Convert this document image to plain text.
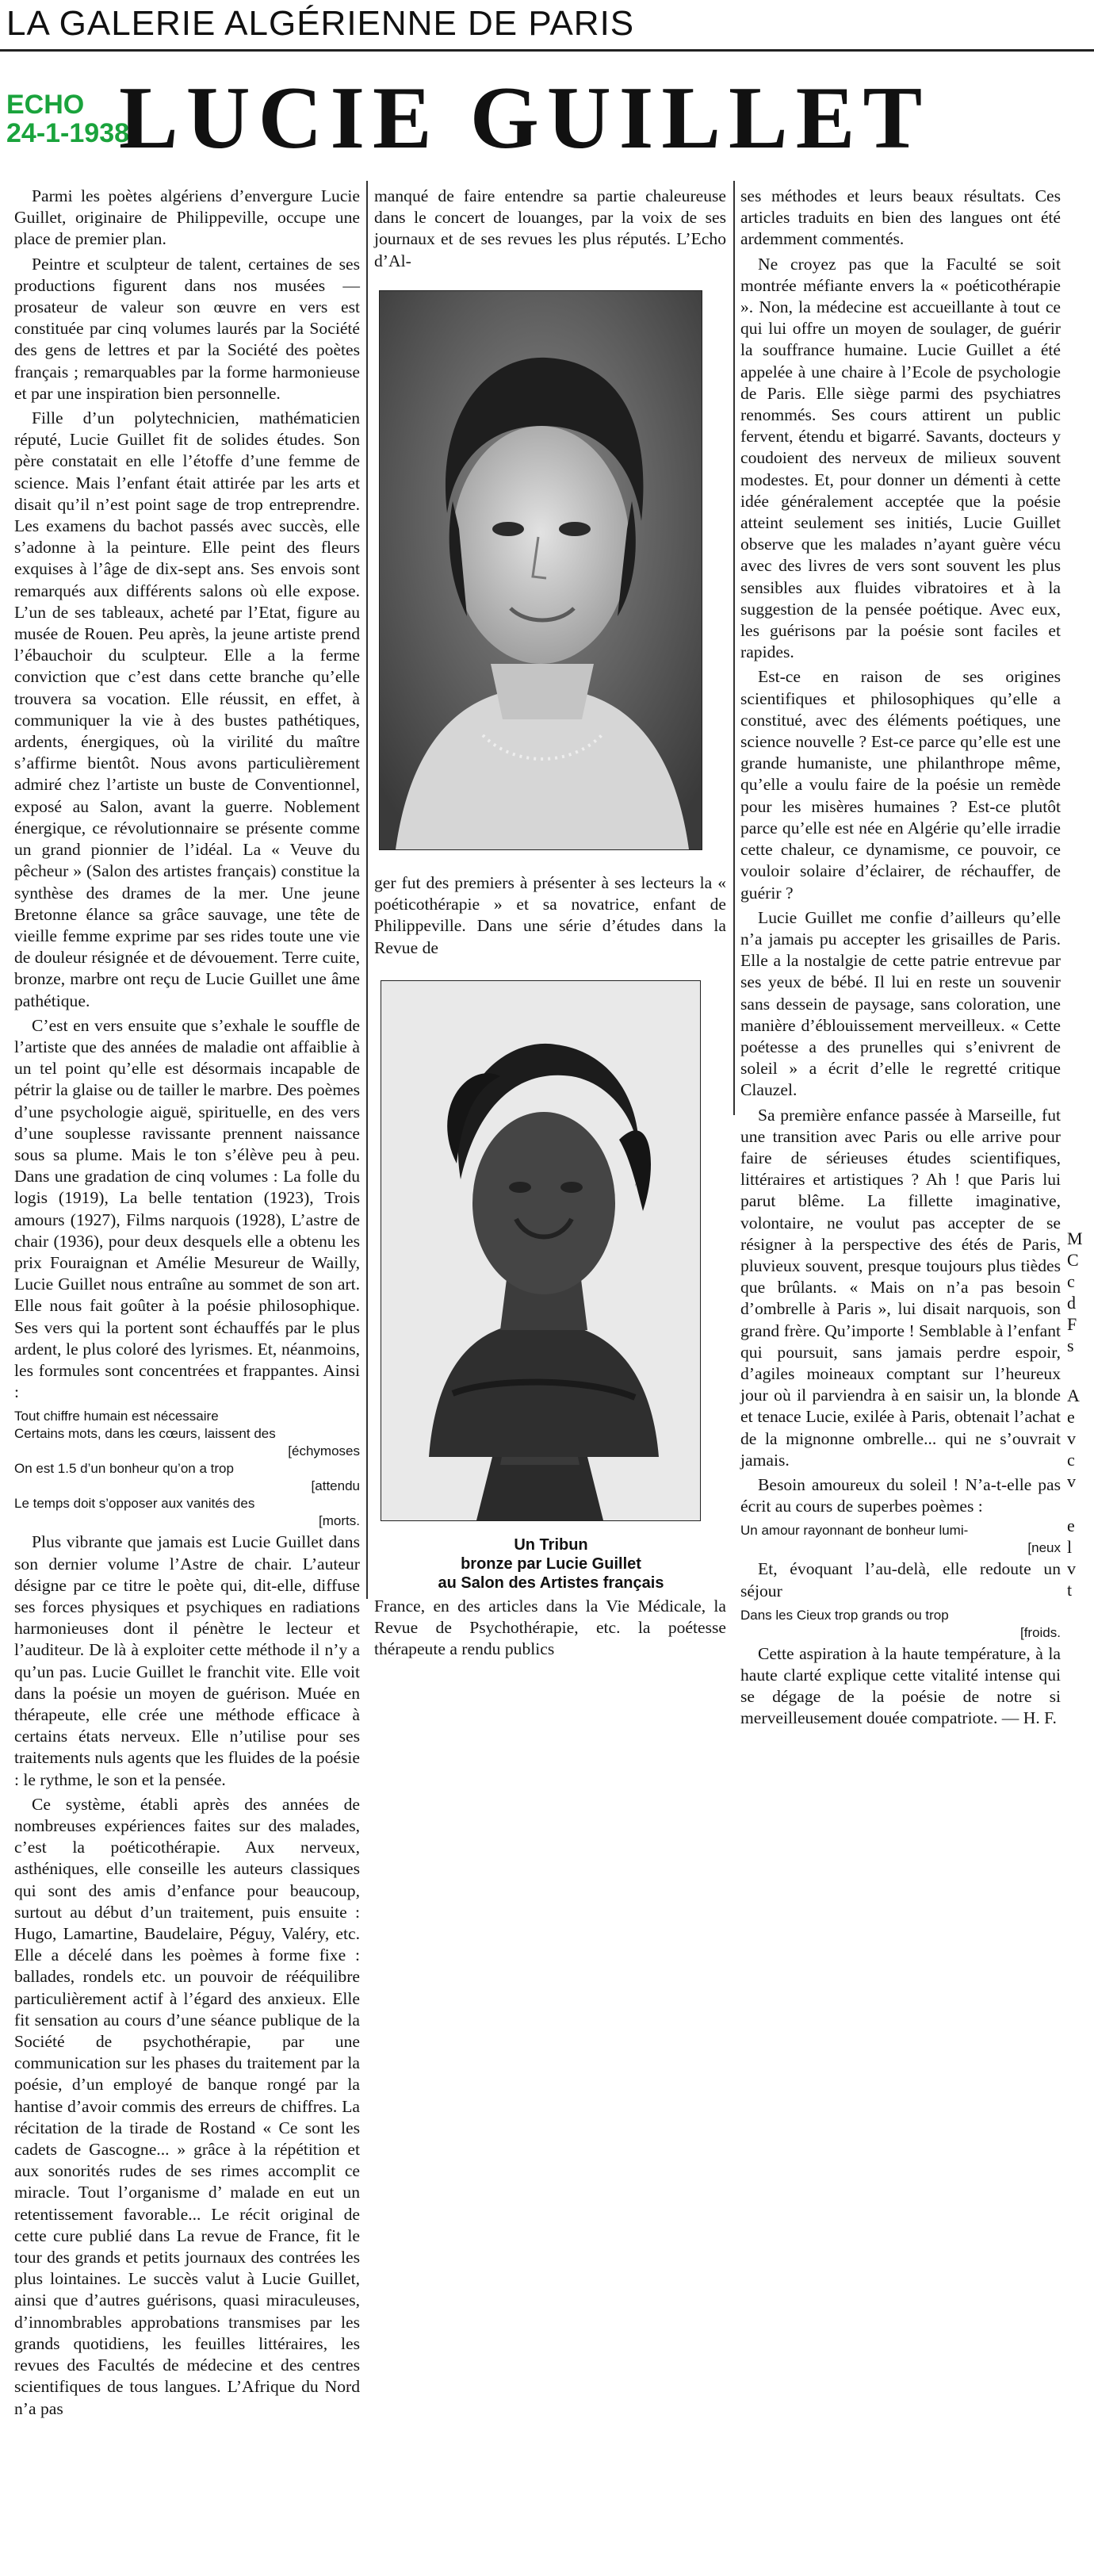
LA GALERIE ALGÉRIENNE DE PARIS
ECHO
24-1-1938
LUCIE GUILLET

Parmi les poètes algériens d’envergure Lucie Guillet, originaire de Philippeville, occupe une place de premier plan.

Peintre et sculpteur de talent, certaines de ses productions figurent dans nos musées — prosateur de valeur son œuvre en vers est constituée par cinq volumes laurés par la Société des gens de lettres et par la Société des poètes français ; remarquables par la forme harmonieuse et par une inspiration bien personnelle.

Fille d’un polytechnicien, mathématicien réputé, Lucie Guillet fit de solides études. Son père constatait en elle l’étoffe d’une femme de science. Mais l’enfant était attirée par les arts et disait qu’il n’est point sage de trop entreprendre. Les examens du bachot passés avec succès, elle s’adonne à la peinture. Elle peint des fleurs exquises à l’âge de dix-sept ans. Ses envois sont remarqués aux différents salons où elle expose. L’un de ses tableaux, acheté par l’Etat, figure au musée de Rouen. Peu après, la jeune artiste prend l’ébauchoir du sculpteur. Elle a la ferme conviction que c’est dans cette branche qu’elle trouvera sa vocation. Elle réussit, en effet, à communiquer la vie à des bustes pathétiques, ardents, énergiques, où la virilité du maître s’affirme bientôt. Nous avons particulièrement admiré chez l’artiste un buste de Conventionnel, exposé au Salon, avant la guerre. Noblement énergique, ce révolutionnaire se présente comme un grand pionnier de l’idéal. La « Veuve du pêcheur » (Salon des artistes français) constitue la synthèse des drames de la mer. Une jeune Bretonne élance sa grâce sauvage, une tête de vieille femme exprime par ses rides toute une vie de douleur résignée et de dévouement. Terre cuite, bronze, marbre ont reçu de Lucie Guillet une âme pathétique.

C’est en vers ensuite que s’exhale le souffle de l’artiste que des années de maladie ont affaiblie à un tel point qu’elle est désormais incapable de pétrir la glaise ou de tailler le marbre. Des poèmes d’une psychologie aiguë, spirituelle, en des vers d’une souplesse ravissante prennent naissance sous sa plume. Mais le ton s’élève peu à peu. Dans une gradation de cinq volumes : La folle du logis (1919), La belle tentation (1923), Trois amours (1927), Films narquois (1928), L’astre de chair (1936), pour deux desquels elle a obtenu les prix Fouraignan et Amélie Mesureur de Wailly, Lucie Guillet nous entraîne au sommet de son art. Elle nous fait goûter à la poésie philosophique. Ses vers qui la portent sont échauffés par le plus ardent, le plus coloré des lyrismes. Et, néanmoins, les formules sont concentrées et frappantes. Ainsi :

Tout chiffre humain est nécessaire
Certains mots, dans les cœurs, laissent des
[échymoses
On est 1.5 d’un bonheur qu’on a trop
[attendu
Le temps doit s’opposer aux vanités des
[morts.

Plus vibrante que jamais est Lucie Guillet dans son dernier volume l’Astre de chair. L’auteur désigne par ce titre le poète qui, dit-elle, diffuse ses forces physiques et psychiques en radiations harmonieuses dont il pénètre le lecteur et l’auditeur. De là à exploiter cette méthode il n’y a qu’un pas. Lucie Guillet le franchit vite. Elle voit dans la poésie un moyen de guérison. Muée en thérapeute, elle crée une méthode efficace à certains états nerveux. Elle n’utilise pour ses traitements nuls agents que les fluides de la poésie : le rythme, le son et la pensée.

Ce système, établi après des années de nombreuses expériences faites sur des malades, c’est la poéticothérapie. Aux nerveux, asthéniques, elle conseille les auteurs classiques qui sont des amis d’enfance pour beaucoup, surtout au début d’un traitement, puis ensuite : Hugo, Lamartine, Baudelaire, Péguy, Valéry, etc. Elle a décelé dans les poèmes à forme fixe : ballades, rondels etc. un pouvoir de rééquilibre particulièrement actif à l’égard des anxieux. Elle fit sensation au cours d’une séance publique de la Société de psychothérapie, par une communication sur les phases du traitement par la poésie, d’un employé de banque rongé par la hantise d’avoir commis des erreurs de chiffres. La récitation de la tirade de Rostand « Ce sont les cadets de Gascogne... » grâce à la répétition et aux sonorités rudes de ses rimes accomplit ce miracle. Tout l’organisme d’ malade en eut un retentissement favorable... Le récit original de cette cure publié dans La revue de France, fit le tour des grands et petits journaux des contrées les plus lointaines. Le succès valut à Lucie Guillet, ainsi que d’autres guérisons, quasi miraculeuses, d’innombrables approbations transmises par les grands quotidiens, les feuilles littéraires, les revues des Facultés de médecine et des centres scientifiques de tous langues. L’Afrique du Nord n’a pas

manqué de faire entendre sa partie chaleureuse dans le concert de louanges, par la voix de ses journaux et de ses revues les plus réputés. L’Echo d’Al-

ger fut des premiers à présenter à ses lecteurs la « poéticothérapie » et sa novatrice, enfant de Philippeville. Dans une série d’études dans la Revue de

Un Tribun
bronze par Lucie Guillet
au Salon des Artistes français

France, en des articles dans la Vie Médicale, la Revue de Psychothérapie, etc. la poétesse thérapeute a rendu publics

ses méthodes et leurs beaux résultats. Ces articles traduits en bien des langues ont été ardemment commentés.

Ne croyez pas que la Faculté se soit montrée méfiante envers la « poéticothérapie ». Non, la médecine est accueillante à tout ce qui lui offre un moyen de soulager, de guérir la souffrance humaine. Lucie Guillet a été appelée à une chaire à l’Ecole de psychologie de Paris. Elle siège parmi des psychiatres renommés. Ses cours attirent un public fervent, étendu et bigarré. Savants, docteurs y coudoient des nerveux de milieux souvent modestes. Et, pour donner un démenti à cette idée généralement acceptée que la poésie atteint seulement ses initiés, Lucie Guillet observe que les malades n’ayant guère vécu avec des livres de vers sont souvent les plus sensibles aux fluides vibratoires et à la suggestion de la pensée poétique. Avec eux, les guérisons par la poésie sont faciles et rapides.

Est-ce en raison de ses origines scientifiques et philosophiques qu’elle a constitué, avec des éléments poétiques, une science nouvelle ? Est-ce parce qu’elle est une grande humaniste, une philanthrope même, qu’elle a voulu faire de la poésie un remède pour les misères humaines ? Est-ce plutôt parce qu’elle est née en Algérie qu’elle irradie cette chaleur, ce dynamisme, ce pouvoir, ce vouloir solaire d’éclairer, de réchauffer, de guérir ?

Lucie Guillet me confie d’ailleurs qu’elle n’a jamais pu accepter les grisailles de Paris. Elle a la nostalgie de cette patrie entrevue par ses yeux de bébé. Il lui en reste un souvenir sans dessein de paysage, sans coloration, une manière d’éblouissement merveilleux. « Cette poétesse a des prunelles qui s’enivrent de soleil » a écrit d’elle le regretté critique Clauzel.

Sa première enfance passée à Marseille, fut une transition avec Paris ou elle arrive pour faire de sérieuses études scientifiques, littéraires et artistiques ? Ah ! que Paris lui parut blême. La fillette imaginative, volontaire, ne voulut pas accepter de se résigner à la perspective des étés de Paris, pluvieux souvent, presque toujours plus tièdes que brûlants. « Mais on n’a pas besoin d’ombrelle à Paris », lui disait narquois, son grand frère. Qu’importe ! Semblable à l’enfant qui poursuit, sans jamais perdre espoir, d’agiles moineaux comptant sur l’heureux jour où il parviendra à en saisir un, la blonde et tenace Lucie, exilée à Paris, obtenait l’achat de la mignonne ombrelle... qui ne s’ouvrait jamais.

Besoin amoureux du soleil ! N’a-t-elle pas écrit au cours de superbes poèmes :

Un amour rayonnant de bonheur lumi-
[neux

Et, évoquant l’au-delà, elle redoute un séjour

Dans les Cieux trop grands ou trop
[froids.

Cette aspiration à la haute température, à la haute clarté explique cette vitalité intense qui se dégage de la poésie de notre si merveilleusement douée compatriote. — H. F.

M
C
c
d
F
s
A
e
v
c
v
e
l
v
t
